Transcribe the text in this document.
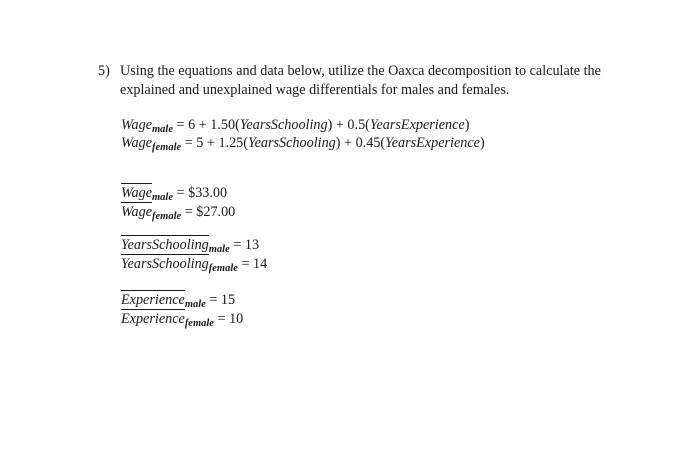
5) Using the equations and data below, utilize the Oaxca decomposition to calculate the explained and unexplained wage differentials for males and females.
Wage$_{male}$ = 6 + 1.50(YearsSchooling) + 0.5(YearsExperience)
Wage$_{female}$ = 5 + 1.25(YearsSchooling) + 0.45(YearsExperience)
Wage$_{male}$ = $33.00
Wage$_{female}$ = $27.00
YearsSchooling$_{male}$ = 13
YearsSchooling$_{female}$ = 14
Experience$_{male}$ = 15
Experience$_{female}$ = 10
